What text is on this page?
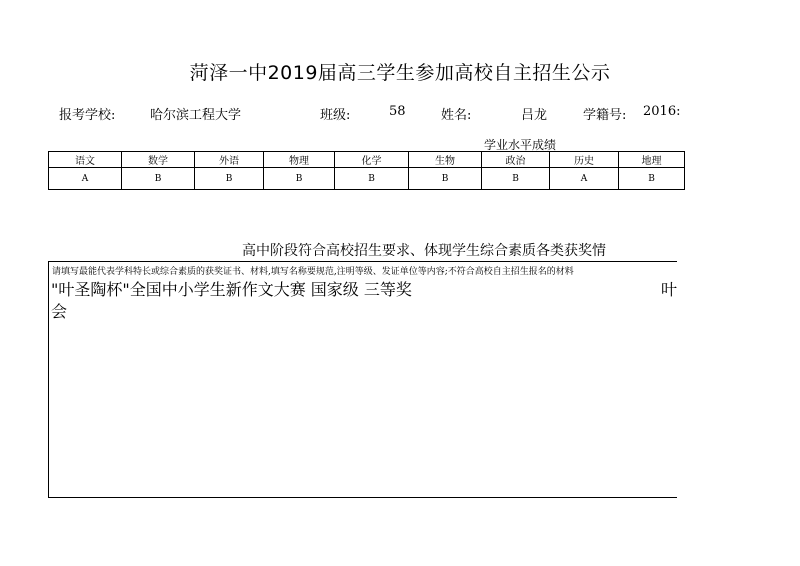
菏泽一中2019届高三学生参加高校自主招生公示
报考学校:	哈尔滨工程大学	班级:	58	姓名:	吕龙	学籍号: 2016:
学业水平成绩
语文	数学	外语	物理	化学	生物	政治	历史	地理
A	B	B	B	B	B	B	A	B
高中阶段符合高校招生要求、体现学生综合素质各类获奖情
请填写最能代表学科特长或综合素质的获奖证书、材料,填写名称要规范,注明等级、发证单位等内容;不符合高校自主招生报名的材料
"叶圣陶杯"全国中小学生新作文大赛 国家级 三等奖	叶
会
